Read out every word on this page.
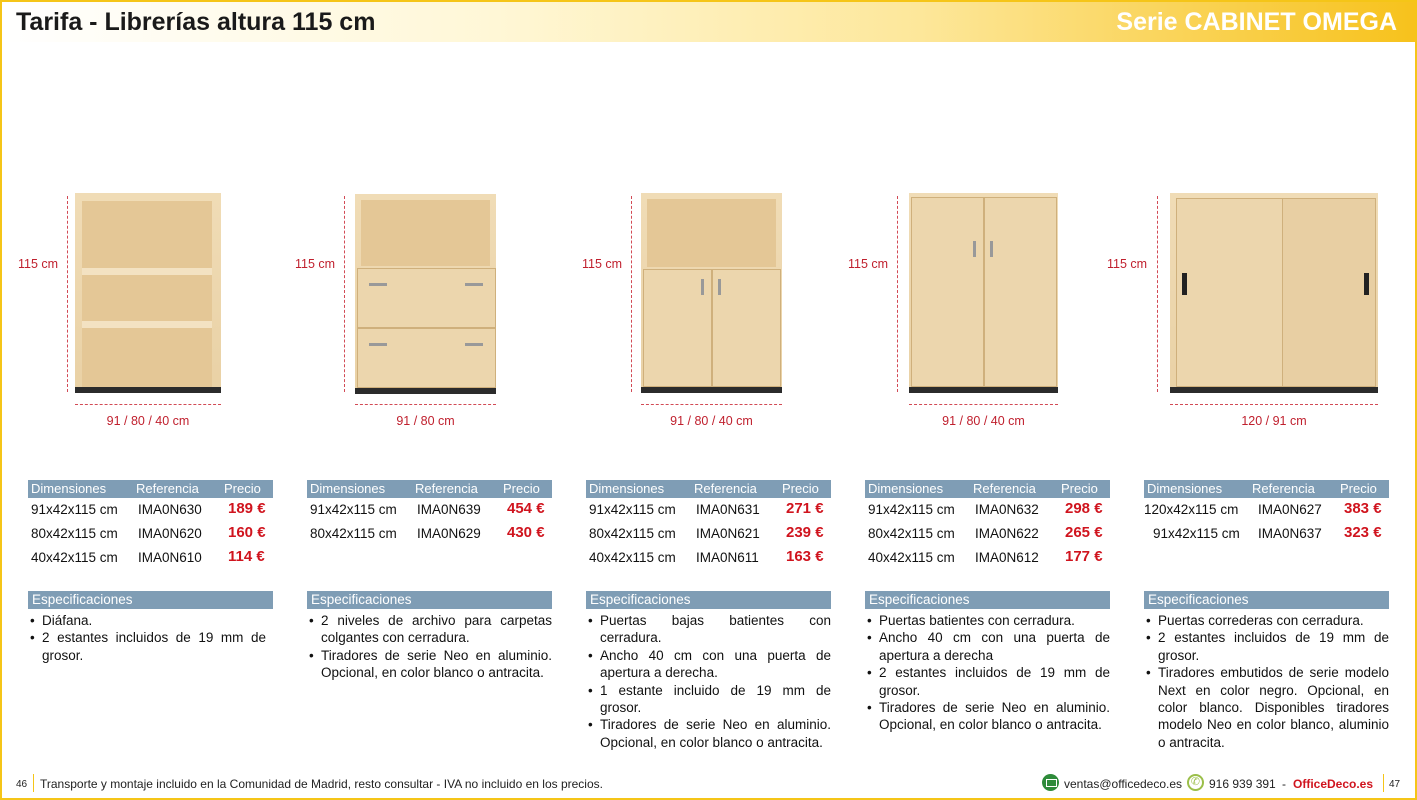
Tarifa - Librerías altura 115 cm	Serie CABINET OMEGA
115 cm
91 / 80 / 40 cm
115 cm
91 / 80 cm
115 cm
91 / 80 / 40 cm
115 cm
91 / 80 / 40 cm
115 cm
120 / 91 cm
Dimensiones Referencia Precio
91x42x115 cm IMA0N630 189 €
80x42x115 cm IMA0N620 160 €
40x42x115 cm IMA0N610 114 €
Dimensiones Referencia Precio
91x42x115 cm IMA0N639 454 €
80x42x115 cm IMA0N629 430 €
Dimensiones Referencia Precio
91x42x115 cm IMA0N631 271 €
80x42x115 cm IMA0N621 239 €
40x42x115 cm IMA0N611 163 €
Dimensiones Referencia Precio
91x42x115 cm IMA0N632 298 €
80x42x115 cm IMA0N622 265 €
40x42x115 cm IMA0N612 177 €
Dimensiones Referencia Precio
120x42x115 cm IMA0N627 383 €
91x42x115 cm IMA0N637 323 €
Especificaciones
• Diáfana.
• 2 estantes incluidos de 19 mm de grosor.
Especificaciones
• 2 niveles de archivo para carpetas colgantes con cerradura.
• Tiradores de serie Neo en aluminio. Opcional, en color blanco o antracita.
Especificaciones
• Puertas bajas batientes con cerradura.
• Ancho 40 cm con una puerta de apertura a derecha.
• 1 estante incluido de 19 mm de grosor.
• Tiradores de serie Neo en aluminio. Opcional, en color blanco o antracita.
Especificaciones
• Puertas batientes con cerradura.
• Ancho 40 cm con una puerta de apertura a derecha
• 2 estantes incluidos de 19 mm de grosor.
• Tiradores de serie Neo en aluminio. Opcional, en color blanco o antracita.
Especificaciones
• Puertas correderas con cerradura.
• 2 estantes incluidos de 19 mm de grosor.
• Tiradores embutidos de serie modelo Next en color negro. Opcional, en color blanco. Disponibles tiradores modelo Neo en color blanco, aluminio o antracita.
46 Transporte y montaje incluido en la Comunidad de Madrid, resto consultar - IVA no incluido en los precios.	ventas@officedeco.es ✆ 916 939 391 - OfficeDeco.es 47
